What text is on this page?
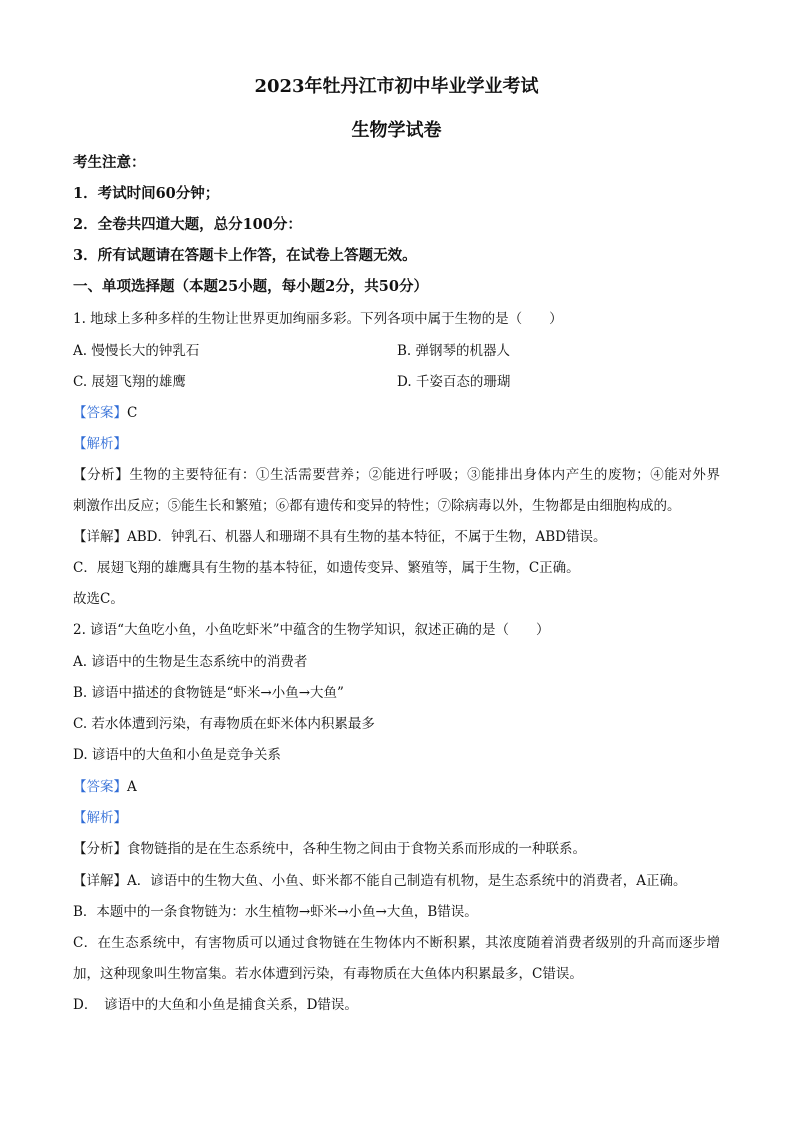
2023年牡丹江市初中毕业学业考试
生物学试卷
考生注意：
1．考试时间60分钟；
2．全卷共四道大题，总分100分：
3．所有试题请在答题卡上作答，在试卷上答题无效。
一、单项选择题（本题25小题，每小题2分，共50分）
1. 地球上多种多样的生物让世界更加绚丽多彩。下列各项中属于生物的是（　　）
A. 慢慢长大的钟乳石	B. 弹钢琴的机器人
C. 展翅飞翔的雄鹰	D. 千姿百态的珊瑚
【答案】C
【解析】
【分析】生物的主要特征有：①生活需要营养；②能进行呼吸；③能排出身体内产生的废物；④能对外界
刺激作出反应；⑤能生长和繁殖；⑥都有遗传和变异的特性；⑦除病毒以外，生物都是由细胞构成的。
【详解】ABD．钟乳石、机器人和珊瑚不具有生物的基本特征，不属于生物，ABD错误。
C．展翅飞翔的雄鹰具有生物的基本特征，如遗传变异、繁殖等，属于生物，C正确。
故选C。
2. 谚语“大鱼吃小鱼，小鱼吃虾米”中蕴含的生物学知识，叙述正确的是（　　）
A. 谚语中的生物是生态系统中的消费者
B. 谚语中描述的食物链是“虾米→小鱼→大鱼”
C. 若水体遭到污染，有毒物质在虾米体内积累最多
D. 谚语中的大鱼和小鱼是竞争关系
【答案】A
【解析】
【分析】食物链指的是在生态系统中，各种生物之间由于食物关系而形成的一种联系。
【详解】A．谚语中的生物大鱼、小鱼、虾米都不能自己制造有机物，是生态系统中的消费者，A正确。
B．本题中的一条食物链为：水生植物→虾米→小鱼→大鱼，B错误。
C．在生态系统中，有害物质可以通过食物链在生物体内不断积累，其浓度随着消费者级别的升高而逐步增
加，这种现象叫生物富集。若水体遭到污染，有毒物质在大鱼体内积累最多，C错误。
D．　谚语中的大鱼和小鱼是捕食关系，D错误。
